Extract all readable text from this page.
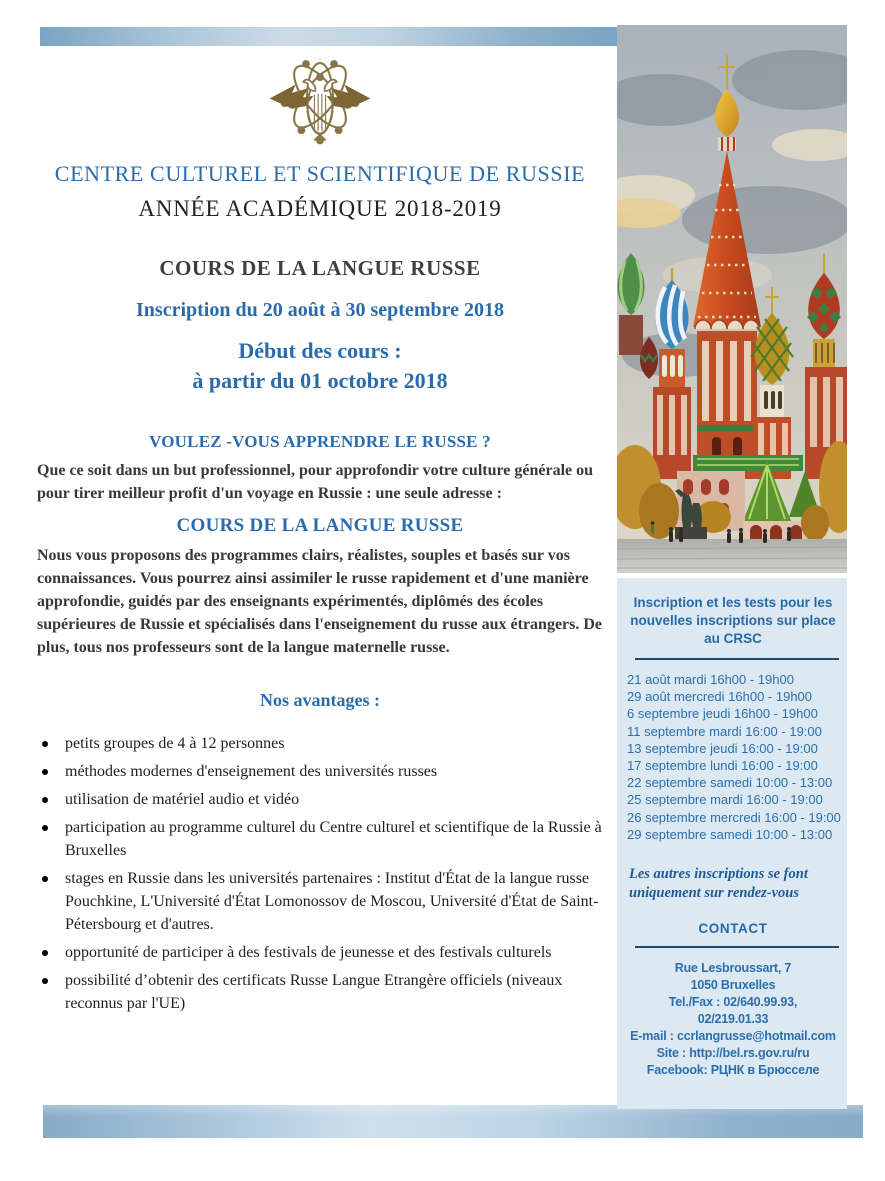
CENTRE CULTUREL ET SCIENTIFIQUE DE RUSSIE
ANNÉE ACADÉMIQUE 2018-2019
COURS DE LA LANGUE RUSSE

Inscription du 20 août à 30 septembre 2018

Début des cours :

à partir du 01 octobre 2018

VOULEZ -VOUS APPRENDRE LE RUSSE ?

Que ce soit dans un but professionnel, pour approfondir votre culture générale ou pour tirer meilleur profit d'un voyage en Russie : une seule adresse :

COURS DE LA LANGUE RUSSE

Nous vous proposons des programmes clairs, réalistes, souples et basés sur vos connaissances. Vous pourrez ainsi assimiler le russe rapidement et d'une manière approfondie, guidés par des enseignants expérimentés, diplômés des écoles supérieures de Russie et spécialisés dans l'enseignement du russe aux étrangers. De plus, tous nos professeurs sont de la langue maternelle russe.

Nos avantages :
petits groupes de 4 à 12 personnes
méthodes modernes d'enseignement des universités russes
utilisation de matériel audio et vidéo
participation au programme culturel du Centre culturel et scientifique de la Russie à Bruxelles
stages en Russie dans les universités partenaires : Institut d'État de la langue russe Pouchkine, L'Université d'État Lomonossov de Moscou, Université d'État de Saint-Pétersbourg et d'autres.
opportunité de participer à des festivals de jeunesse et des festivals culturels
possibilité d’obtenir des certificats Russe Langue Etrangère officiels (niveaux reconnus par l'UE)
Inscription et les tests pour les nouvelles inscriptions sur place au CRSC
21 août mardi 16h00 - 19h00
29 août mercredi 16h00 - 19h00
6 septembre jeudi 16h00 - 19h00
11 septembre mardi 16:00 - 19:00
13 septembre jeudi 16:00 - 19:00
17 septembre lundi 16:00 - 19:00
22 septembre samedi 10:00 - 13:00
25 septembre mardi 16:00 - 19:00
26 septembre mercredi 16:00 - 19:00
29 septembre samedi 10:00 - 13:00
Les autres inscriptions se font uniquement sur rendez-vous
CONTACT
Rue Lesbroussart, 7
1050 Bruxelles
Tel./Fax : 02/640.99.93,
02/219.01.33
E-mail : ccrlangrusse@hotmail.com
Site : http://bel.rs.gov.ru/ru
Facebook: РЦНК в Брюсселе
